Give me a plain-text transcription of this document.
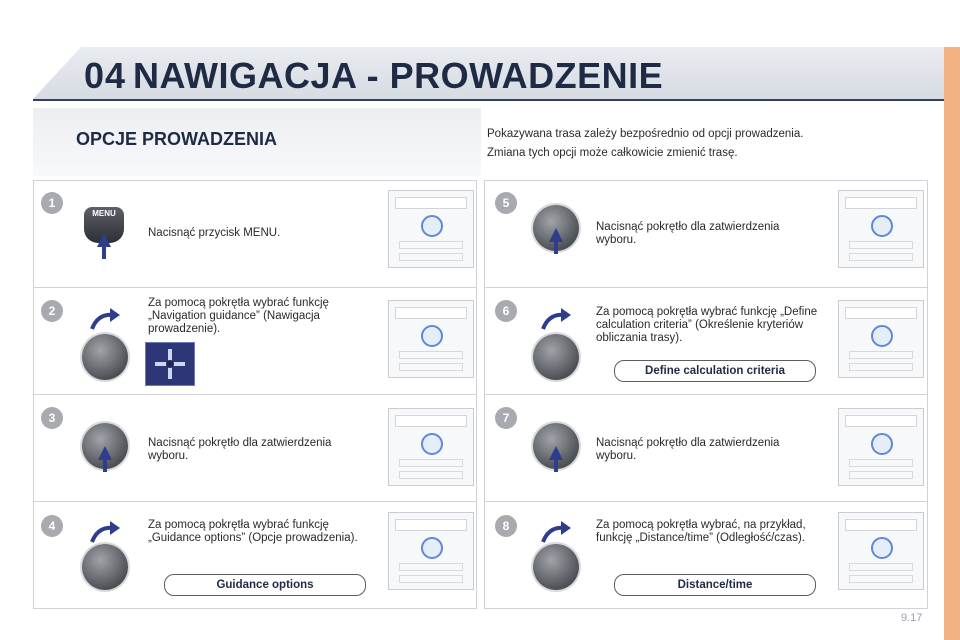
04 NAWIGACJA - PROWADZENIE
OPCJE PROWADZENIA	Pokazywana trasa zależy bezpośrednio od opcji prowadzenia.
Zmiana tych opcji może całkowicie zmienić trasę.
1
MENU
Nacisnąć przycisk MENU.
2
Za pomocą pokrętła wybrać funkcję „Navigation guidance” (Nawigacja prowadzenie).
3
Nacisnąć pokrętło dla zatwierdzenia wyboru.
4	Za pomocą pokrętła wybrać funkcję „Guidance options” (Opcje prowadzenia).
Guidance options
5
Nacisnąć pokrętło dla zatwierdzenia wyboru.
6	Za pomocą pokrętła wybrać funkcję „Define calculation criteria” (Określenie kryteriów obliczania trasy).
Define calculation criteria
7
Nacisnąć pokrętło dla zatwierdzenia wyboru.
8	Za pomocą pokrętła wybrać, na przykład, funkcję „Distance/time” (Odległość/czas).
Distance/time
9.17
